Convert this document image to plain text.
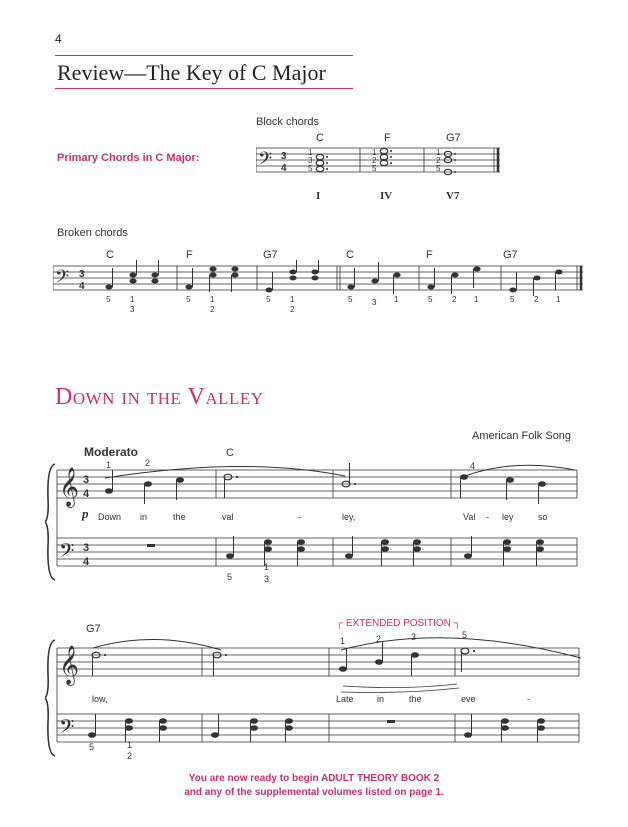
4
Review—The Key of C Major
Block chords
Primary Chords in C Major:
C	F	G7
𝄢 3
4
1
3
5
1
2
5
1
2
5
I	IV	V7
Broken chords
C	F	G7	C	F	G7
𝄢 3
4
5 1
3
5 1
2
5 1
2
5 3 1	5 2 1	5 2 1
Down in the Valley
American Folk Song
Moderato	C
𝄞
𝄢
3
4
3
4
1	2	4
5
1
3
p Down in	the	val	-	ley,	Val - ley	so
G7	┌ EXTENDED POSITION ┐
𝄞
𝄢
1	2	3	5
5	1
2
low,	Late	in	the	eve	-
You are now ready to begin ADULT THEORY BOOK 2
and any of the supplemental volumes listed on page 1.
